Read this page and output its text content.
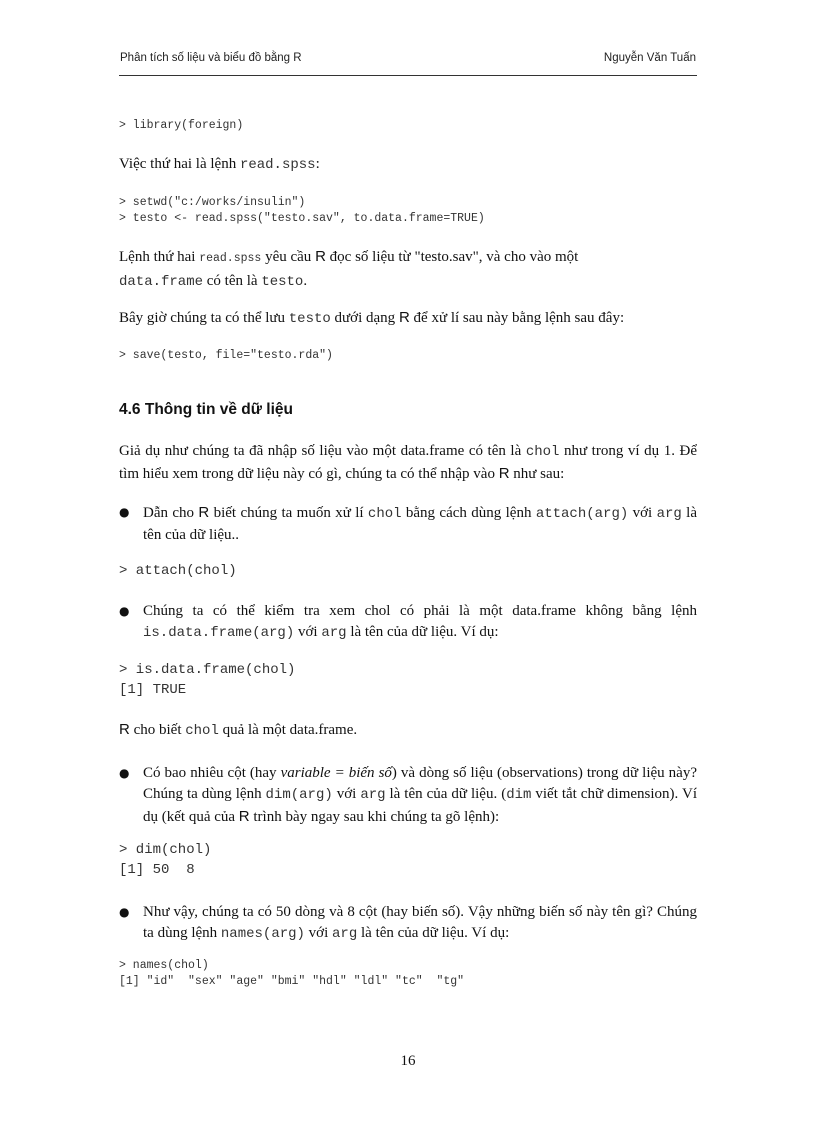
Phân tích số liệu và biểu đồ bằng R	Nguyễn Văn Tuấn
> library(foreign)
Việc thứ hai là lệnh read.spss:
> setwd("c:/works/insulin")
> testo <- read.spss("testo.sav", to.data.frame=TRUE)
Lệnh thứ hai read.spss yêu cầu R đọc số liệu từ "testo.sav", và cho vào một
data.frame có tên là testo.
Bây giờ chúng ta có thể lưu testo dưới dạng R để xử lí sau này bằng lệnh sau đây:
> save(testo, file="testo.rda")
4.6 Thông tin về dữ liệu
Giả dụ như chúng ta đã nhập số liệu vào một data.frame có tên là chol như trong ví dụ 1. Để tìm hiểu xem trong dữ liệu này có gì, chúng ta có thể nhập vào R như sau:
● Dẫn cho R biết chúng ta muốn xử lí chol bằng cách dùng lệnh attach(arg) với arg là tên của dữ liệu..
> attach(chol)
● Chúng ta có thể kiểm tra xem chol có phải là một data.frame không bằng lệnh is.data.frame(arg) với arg là tên của dữ liệu. Ví dụ:
> is.data.frame(chol)
[1] TRUE
R cho biết chol quả là một data.frame.
● Có bao nhiêu cột (hay variable = biến số) và dòng số liệu (observations) trong dữ liệu này? Chúng ta dùng lệnh dim(arg) với arg là tên của dữ liệu. (dim viết tắt chữ dimension). Ví dụ (kết quả của R trình bày ngay sau khi chúng ta gõ lệnh):
> dim(chol)
[1] 50  8
● Như vậy, chúng ta có 50 dòng và 8 cột (hay biến số). Vậy những biến số này tên gì? Chúng ta dùng lệnh names(arg) với arg là tên của dữ liệu. Ví dụ:
> names(chol)
[1] "id"  "sex" "age" "bmi" "hdl" "ldl" "tc"  "tg"
16
